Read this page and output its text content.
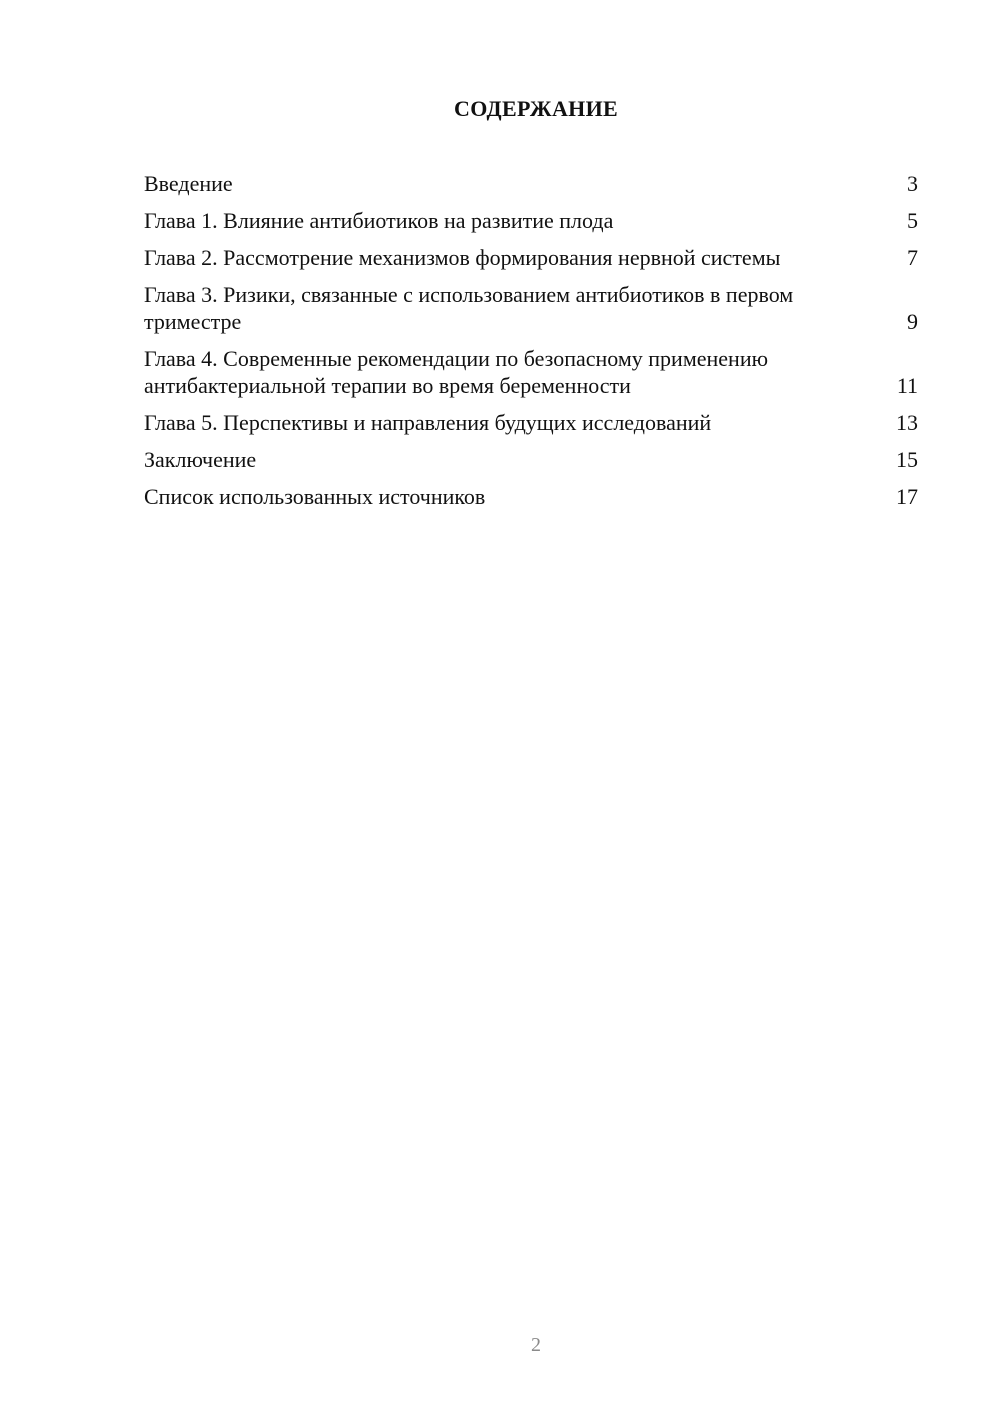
СОДЕРЖАНИЕ
Введение	3
Глава 1. Влияние антибиотиков на развитие плода	5
Глава 2. Рассмотрение механизмов формирования нервной системы	7
Глава 3. Ризики, связанные с использованием антибиотиков в первом триместре	9
Глава 4. Современные рекомендации по безопасному применению антибактериальной терапии во время беременности	11
Глава 5. Перспективы и направления будущих исследований	13
Заключение	15
Список использованных источников	17
2
